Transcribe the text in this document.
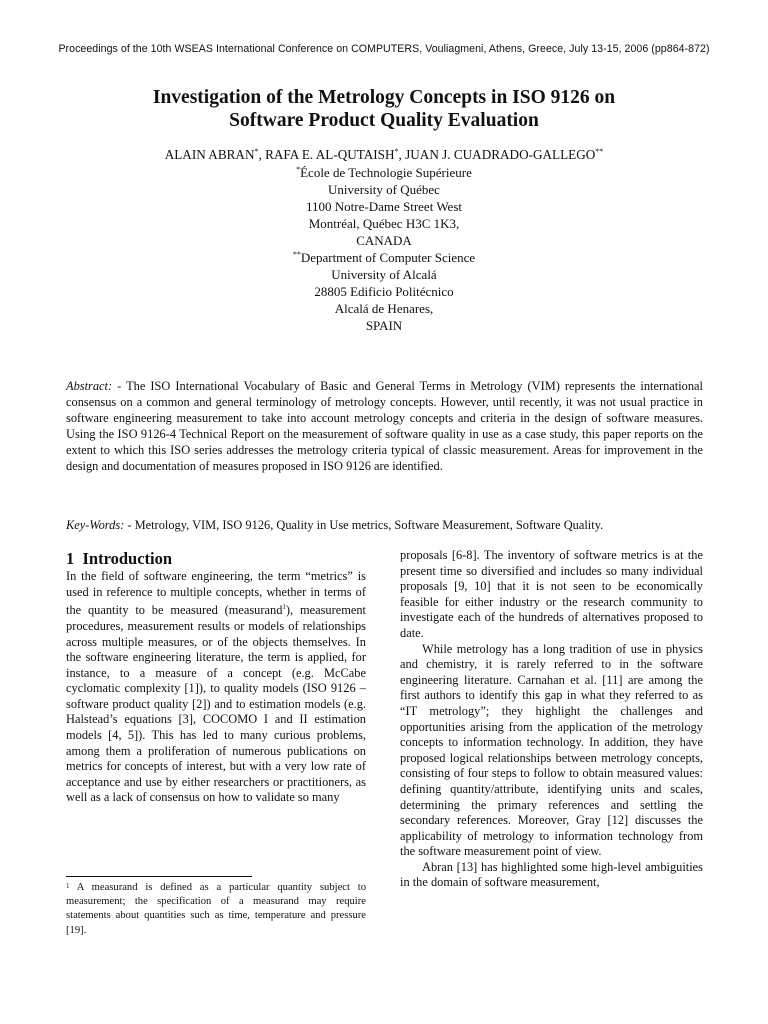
Proceedings of the 10th WSEAS International Conference on COMPUTERS, Vouliagmeni, Athens, Greece, July 13-15, 2006 (pp864-872)
Investigation of the Metrology Concepts in ISO 9126 on
Software Product Quality Evaluation
ALAIN ABRAN*, RAFA E. AL-QUTAISH*, JUAN J. CUADRADO-GALLEGO**
*École de Technologie Supérieure
University of Québec
1100 Notre-Dame Street West
Montréal, Québec H3C 1K3,
CANADA
**Department of Computer Science
University of Alcalá
28805 Edificio Politécnico
Alcalá de Henares,
SPAIN
Abstract: - The ISO International Vocabulary of Basic and General Terms in Metrology (VIM) represents the international consensus on a common and general terminology of metrology concepts. However, until recently, it was not usual practice in software engineering measurement to take into account metrology concepts and criteria in the design of software measures. Using the ISO 9126-4 Technical Report on the measurement of software quality in use as a case study, this paper reports on the extent to which this ISO series addresses the metrology criteria typical of classic measurement. Areas for improvement in the design and documentation of measures proposed in ISO 9126 are identified.
Key-Words: - Metrology, VIM, ISO 9126, Quality in Use metrics, Software Measurement, Software Quality.
1 Introduction

In the field of software engineering, the term “metrics” is used in reference to multiple concepts, whether in terms of the quantity to be measured (measurand$^1$), measurement procedures, measurement results or models of relationships across multiple measures, or of the objects themselves. In the software engineering literature, the term is applied, for instance, to a measure of a concept (e.g. McCabe cyclomatic complexity [1]), to quality models (ISO 9126 – software product quality [2]) and to estimation models (e.g. Halstead’s equations [3], COCOMO I and II estimation models [4, 5]). This has led to many curious problems, among them a proliferation of numerous publications on metrics for concepts of interest, but with a very low rate of acceptance and use by either researchers or practitioners, as well as a lack of consensus on how to validate so many

proposals [6-8]. The inventory of software metrics is at the present time so diversified and includes so many individual proposals [9, 10] that it is not seen to be economically feasible for either industry or the research community to investigate each of the hundreds of alternatives proposed to date.

While metrology has a long tradition of use in physics and chemistry, it is rarely referred to in the software engineering literature. Carnahan et al. [11] are among the first authors to identify this gap in what they referred to as “IT metrology”; they highlight the challenges and opportunities arising from the application of the metrology concepts to information technology. In addition, they have proposed logical relationships between metrology concepts, consisting of four steps to follow to obtain measured values: defining quantity/attribute, identifying units and scales, determining the primary references and settling the secondary references. Moreover, Gray [12] discusses the applicability of metrology to information technology from the software measurement point of view.

Abran [13] has highlighted some high-level ambiguities in the domain of software measurement,

$^1$ A measurand is defined as a particular quantity subject to measurement; the specification of a measurand may require statements about quantities such as time, temperature and pressure [19].
